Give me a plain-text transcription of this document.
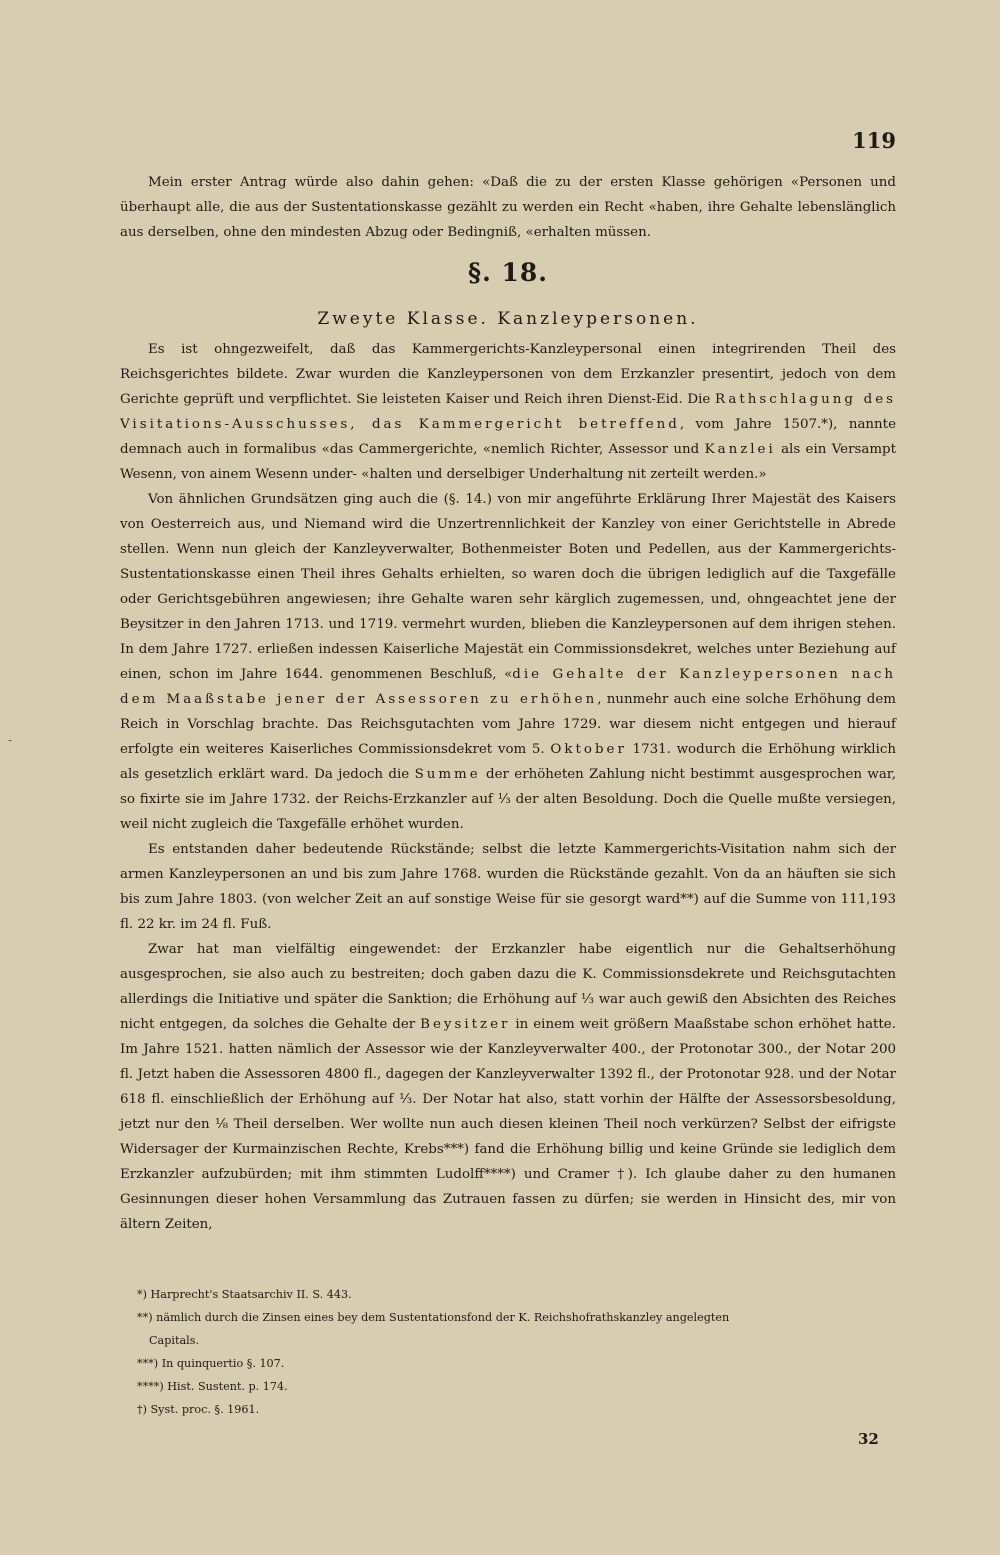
119

Mein erster Antrag würde also dahin gehen: «Daß die zu der ersten Klasse gehörigen «Personen und überhaupt alle, die aus der Sustentationskasse gezählt zu werden ein Recht «haben, ihre Gehalte lebenslänglich aus derselben, ohne den mindesten Abzug oder Bedingniß, «erhalten müssen.

§. 18.
Zweyte Klasse. Kanzleypersonen.

Es ist ohngezweifelt, daß das Kammergerichts-Kanzleypersonal einen integrirenden Theil des Reichsgerichtes bildete. Zwar wurden die Kanzleypersonen von dem Erzkanzler presentirt, jedoch von dem Gerichte geprüft und verpflichtet. Sie leisteten Kaiser und Reich ihren Dienst-Eid. Die Rathschlagung des Visitations-Ausschusses, das Kammergericht betreffend, vom Jahre 1507.*), nannte demnach auch in formalibus «das Cammergerichte, «nemlich Richter, Assessor und Kanzlei als ein Versampt Wesenn, von ainem Wesenn under- «halten und derselbiger Underhaltung nit zerteilt werden.»

Von ähnlichen Grundsätzen ging auch die (§. 14.) von mir angeführte Erklärung Ihrer Majestät des Kaisers von Oesterreich aus, und Niemand wird die Unzertrennlichkeit der Kanzley von einer Gerichtstelle in Abrede stellen. Wenn nun gleich der Kanzleyverwalter, Bothenmeister Boten und Pedellen, aus der Kammergerichts-Sustentationskasse einen Theil ihres Gehalts erhielten, so waren doch die übrigen lediglich auf die Taxgefälle oder Gerichtsgebühren angewiesen; ihre Gehalte waren sehr kärglich zugemessen, und, ohngeachtet jene der Beysitzer in den Jahren 1713. und 1719. vermehrt wurden, blieben die Kanzleypersonen auf dem ihrigen stehen. In dem Jahre 1727. erließen indessen Kaiserliche Majestät ein Commissionsdekret, welches unter Beziehung auf einen, schon im Jahre 1644. genommenen Beschluß, «die Gehalte der Kanzleypersonen nach dem Maaßstabe jener der Assessoren zu erhöhen, nunmehr auch eine solche Erhöhung dem Reich in Vorschlag brachte. Das Reichsgutachten vom Jahre 1729. war diesem nicht entgegen und hierauf erfolgte ein weiteres Kaiserliches Commissionsdekret vom 5. Oktober 1731. wodurch die Erhöhung wirklich als gesetzlich erklärt ward. Da jedoch die Summe der erhöheten Zahlung nicht bestimmt ausgesprochen war, so fixirte sie im Jahre 1732. der Reichs-Erzkanzler auf ⅓ der alten Besoldung. Doch die Quelle mußte versiegen, weil nicht zugleich die Taxgefälle erhöhet wurden.

Es entstanden daher bedeutende Rückstände; selbst die letzte Kammergerichts-Visitation nahm sich der armen Kanzleypersonen an und bis zum Jahre 1768. wurden die Rückstände gezahlt. Von da an häuften sie sich bis zum Jahre 1803. (von welcher Zeit an auf sonstige Weise für sie gesorgt ward**) auf die Summe von 111,193 fl. 22 kr. im 24 fl. Fuß.

Zwar hat man vielfältig eingewendet: der Erzkanzler habe eigentlich nur die Gehaltserhöhung ausgesprochen, sie also auch zu bestreiten; doch gaben dazu die K. Commissionsdekrete und Reichsgutachten allerdings die Initiative und später die Sanktion; die Erhöhung auf ⅓ war auch gewiß den Absichten des Reiches nicht entgegen, da solches die Gehalte der Beysitzer in einem weit größern Maaßstabe schon erhöhet hatte. Im Jahre 1521. hatten nämlich der Assessor wie der Kanzleyverwalter 400., der Protonotar 300., der Notar 200 fl. Jetzt haben die Assessoren 4800 fl., dagegen der Kanzleyverwalter 1392 fl., der Protonotar 928. und der Notar 618 fl. einschließlich der Erhöhung auf ⅓. Der Notar hat also, statt vorhin der Hälfte der Assessorsbesoldung, jetzt nur den ⅛ Theil derselben. Wer wollte nun auch diesen kleinen Theil noch verkürzen? Selbst der eifrigste Widersager der Kurmainzischen Rechte, Krebs***) fand die Erhöhung billig und keine Gründe sie lediglich dem Erzkanzler aufzubürden; mit ihm stimmten Ludolff****) und Cramer †). Ich glaube daher zu den humanen Gesinnungen dieser hohen Versammlung das Zutrauen fassen zu dürfen; sie werden in Hinsicht des, mir von ältern Zeiten,

*) Harprecht's Staatsarchiv II. S. 443.

**) nämlich durch die Zinsen eines bey dem Sustentationsfond der K. Reichshofrathskanzley angelegten

Capitals.

***) In quinquertio §. 107.

****) Hist. Sustent. p. 174.

†) Syst. proc. §. 1961.

32
-
